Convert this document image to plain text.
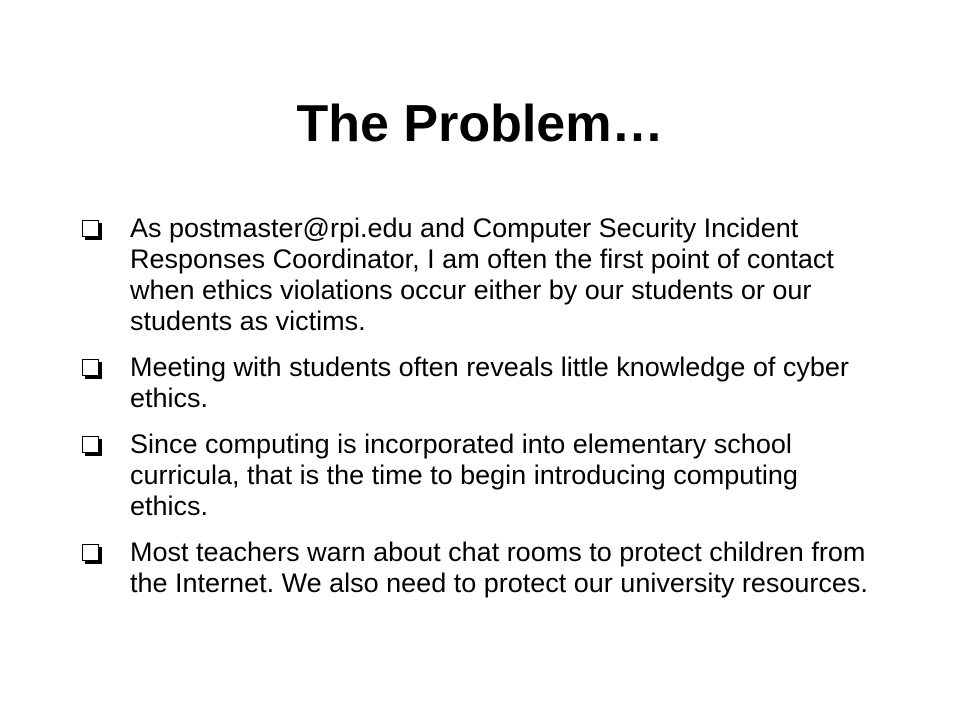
The Problem…
As postmaster@rpi.edu and Computer Security Incident Responses Coordinator, I am often the first point of contact when ethics violations occur either by our students or our students as victims.
Meeting with students often reveals little knowledge of cyber ethics.
Since computing is incorporated into elementary school curricula, that is the time to begin introducing computing ethics.
Most teachers warn about chat rooms to protect children from the Internet. We also need to protect our university resources.
